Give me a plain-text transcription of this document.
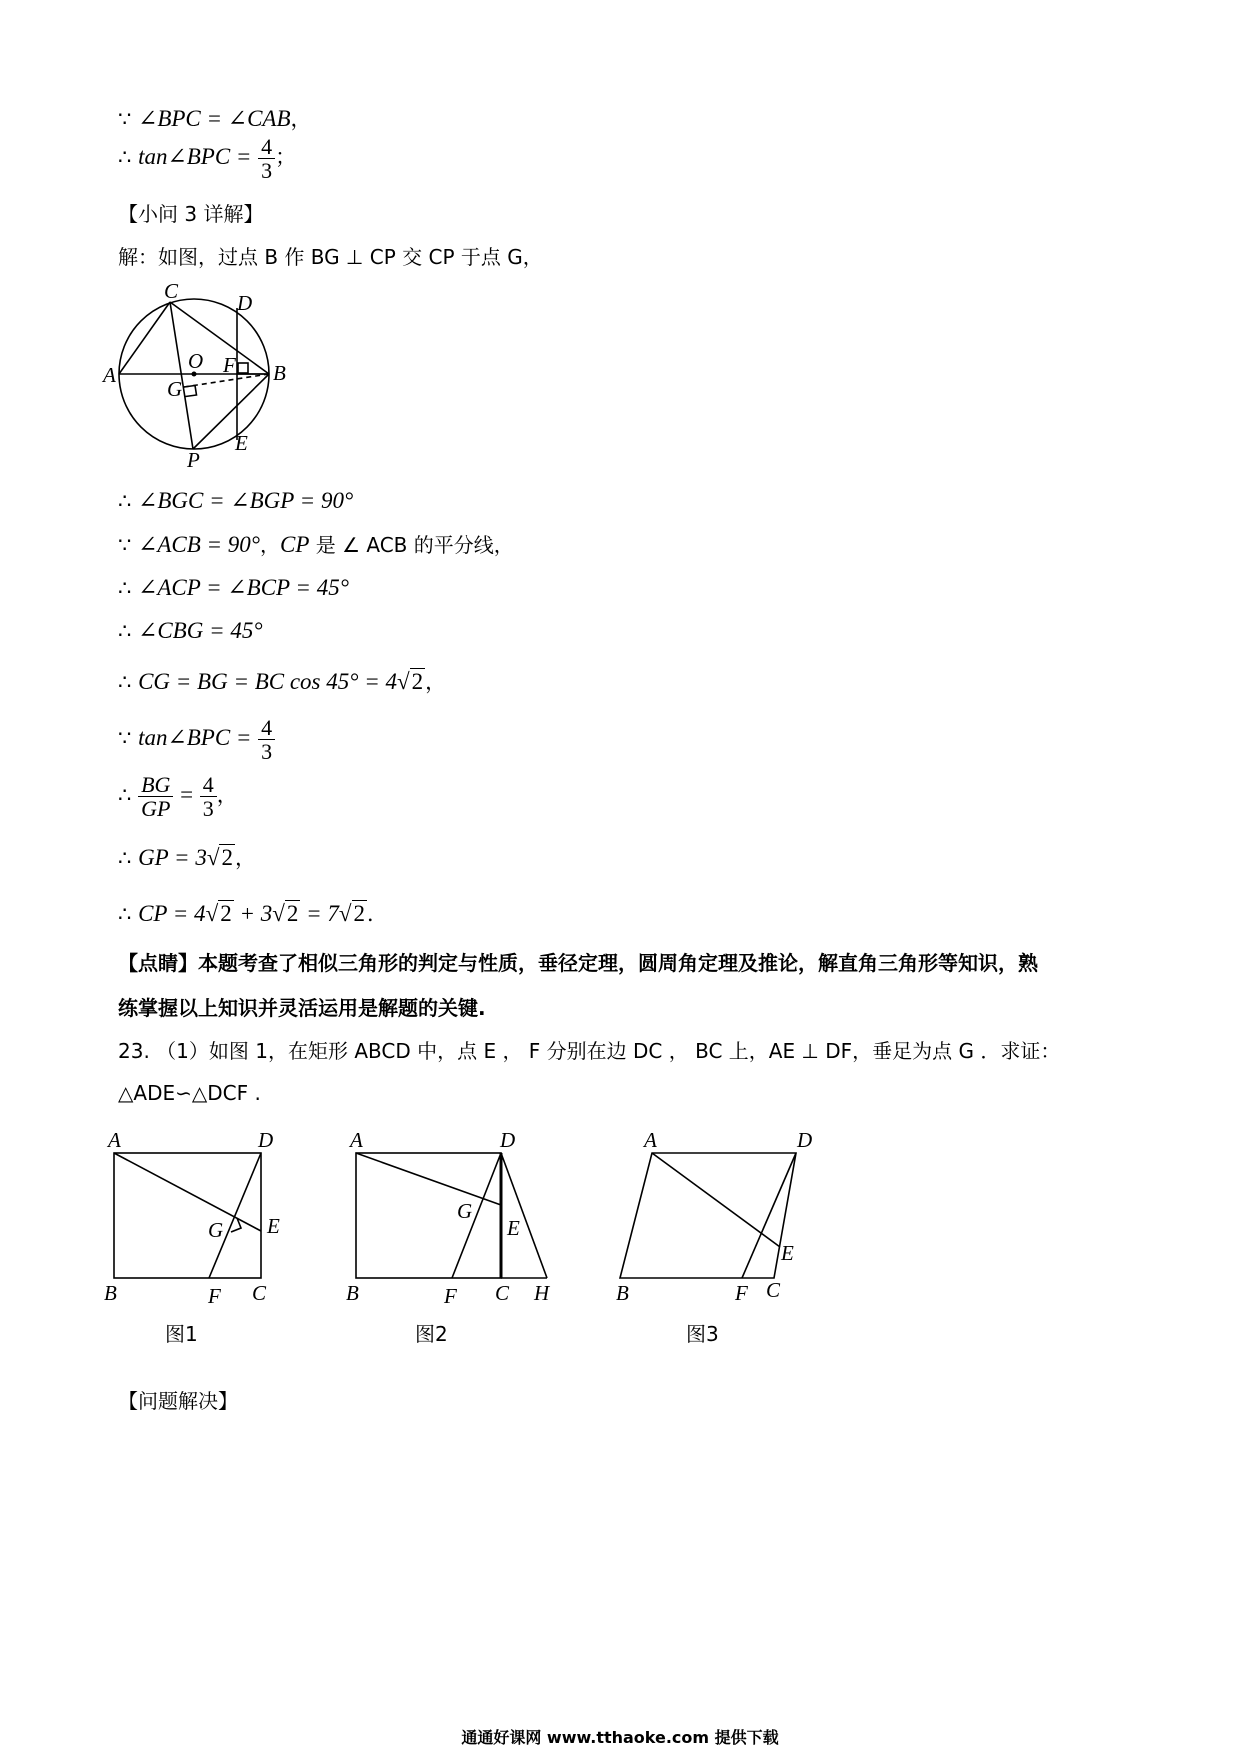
∵ ∠BPC = ∠CAB，
∴ tan∠BPC = $\frac{4}{3}$ ；
【小问 3 详解】
解：如图，过点 B 作 BG ⊥ CP 交 CP 于点 G，
C	D
A
O F B
G
P
E
∴ ∠BGC = ∠BGP = 90°
∵ ∠ACB = 90°，CP 是 ∠ ACB 的平分线，
∴ ∠ACP = ∠BCP = 45°
∴ ∠CBG = 45°
∴ CG = BG = BC cos 45° = 4√2，
∵ tan∠BPC = $\frac{4}{3}$
∴ $\frac{BG}{GP} = \frac{4}{3}$ ，
∴ GP = 3√2，
∴ CP = 4√2 + 3√2 = 7√2．
【点睛】本题考查了相似三角形的判定与性质，垂径定理，圆周角定理及推论，解直角三角形等知识，熟
练掌握以上知识并灵活运用是解题的关键.
23. （1）如图 1，在矩形 ABCD 中，点 E ， F 分别在边 DC ， BC 上，AE ⊥ DF，垂足为点 G ．求证：
△ADE∽△DCF .
A	D
G E
B	F C
图1
A	D
G
E
B	F C H
图2
A	D
E
B	F C
图3
【问题解决】
通通好课网 www.tthaoke.com 提供下载
